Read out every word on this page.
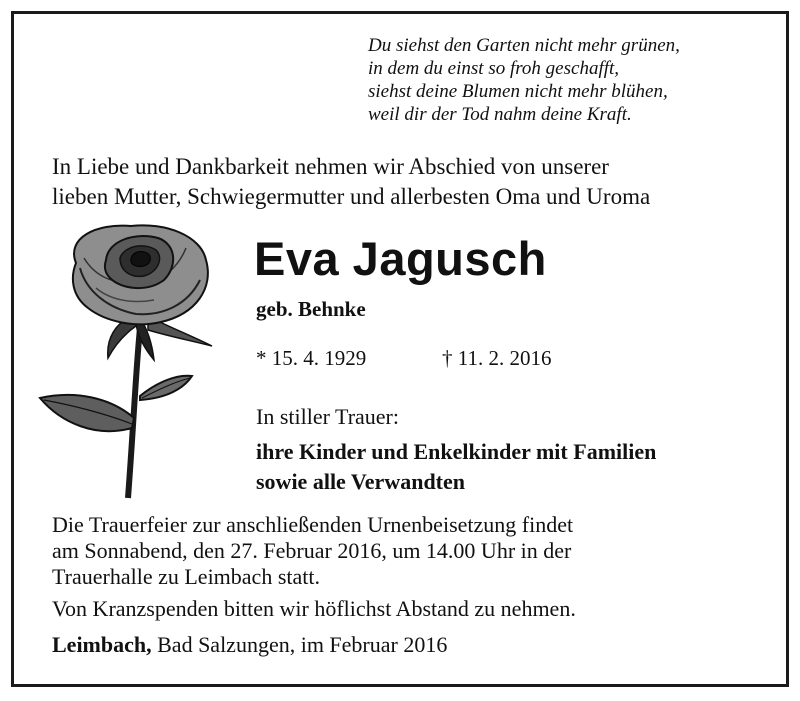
Du siehst den Garten nicht mehr grünen,
in dem du einst so froh geschafft,
siehst deine Blumen nicht mehr blühen,
weil dir der Tod nahm deine Kraft.
In Liebe und Dankbarkeit nehmen wir Abschied von unserer
lieben Mutter, Schwiegermutter und allerbesten Oma und Uroma
Eva Jagusch
geb. Behnke
* 15. 4. 1929	† 11. 2. 2016
In stiller Trauer:
ihre Kinder und Enkelkinder mit Familien
sowie alle Verwandten
Die Trauerfeier zur anschließenden Urnenbeisetzung findet
am Sonnabend, den 27. Februar 2016, um 14.00 Uhr in der
Trauerhalle zu Leimbach statt.
Von Kranzspenden bitten wir höflichst Abstand zu nehmen.
Leimbach, Bad Salzungen, im Februar 2016
